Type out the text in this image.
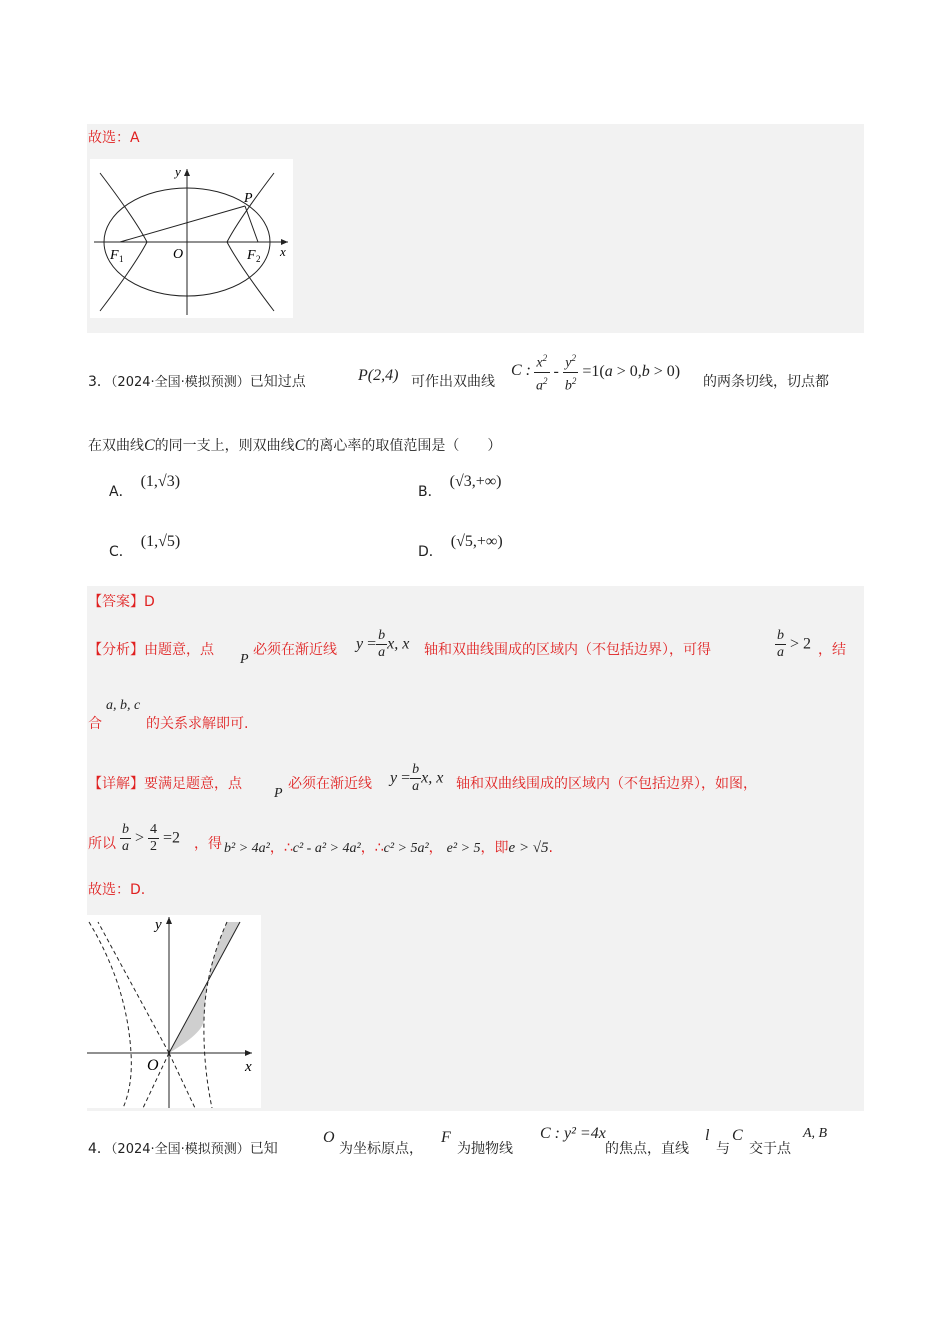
故选：A
y
P
F 1	O	F 2 x
3．（2024·全国·模拟预测）已知过点	P(2,4) 可作出双曲线
C : $\frac{x^2}{a^2} - \frac{y^2}{b^2} =1(a > 0,b > 0)$
的两条切线，切点都
在双曲线C的同一支上，则双曲线C的离心率的取值范围是（　　）
A．(1,√3)
B．(√3,+∞)
C．(1,√5)
D．(√5,+∞)
【答案】D
【分析】由题意，点
P
必须在渐近线 $y = \frac{b}{a} x$, x 轴和双曲线围成的区域内（不包括边界），可得	$\frac{b}{a} > 2$ ，结
合
a, b, c
的关系求解即可.
【详解】要满足题意，点
P
必须在渐近线 $y = \frac{b}{a} x$, x 轴和双曲线围成的区域内（不包括边界），如图，
所以 $\frac{b}{a} > \frac{4}{2} =2$ ，得 b² > 4a²，∴c² - a² > 4a²，∴c² > 5a²， e² > 5，即e > √5.
故选：D.
y
O	x
4．（2024·全国·模拟预测）已知
O
为坐标原点，
F
为抛物线
C : y² =4x
的焦点，直线
l
与
C
交于点
A, B
